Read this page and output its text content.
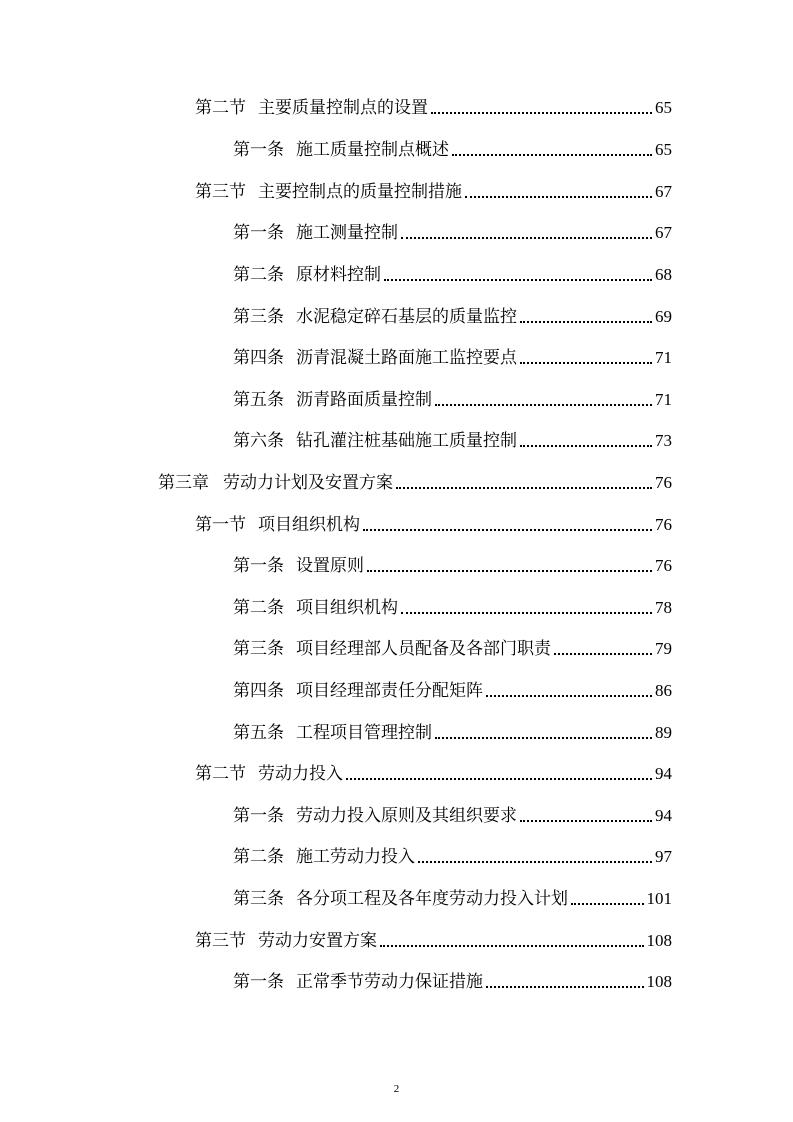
第二节 主要质量控制点的设置	65
第一条 施工质量控制点概述	65
第三节 主要控制点的质量控制措施	67
第一条 施工测量控制	67
第二条 原材料控制	68
第三条 水泥稳定碎石基层的质量监控	69
第四条 沥青混凝土路面施工监控要点	71
第五条 沥青路面质量控制	71
第六条 钻孔灌注桩基础施工质量控制	73
第三章 劳动力计划及安置方案	76
第一节 项目组织机构	76
第一条 设置原则	76
第二条 项目组织机构	78
第三条 项目经理部人员配备及各部门职责	79
第四条 项目经理部责任分配矩阵	86
第五条 工程项目管理控制	89
第二节 劳动力投入	94
第一条 劳动力投入原则及其组织要求	94
第二条 施工劳动力投入	97
第三条 各分项工程及各年度劳动力投入计划	101
第三节 劳动力安置方案	108
第一条 正常季节劳动力保证措施	108
2
